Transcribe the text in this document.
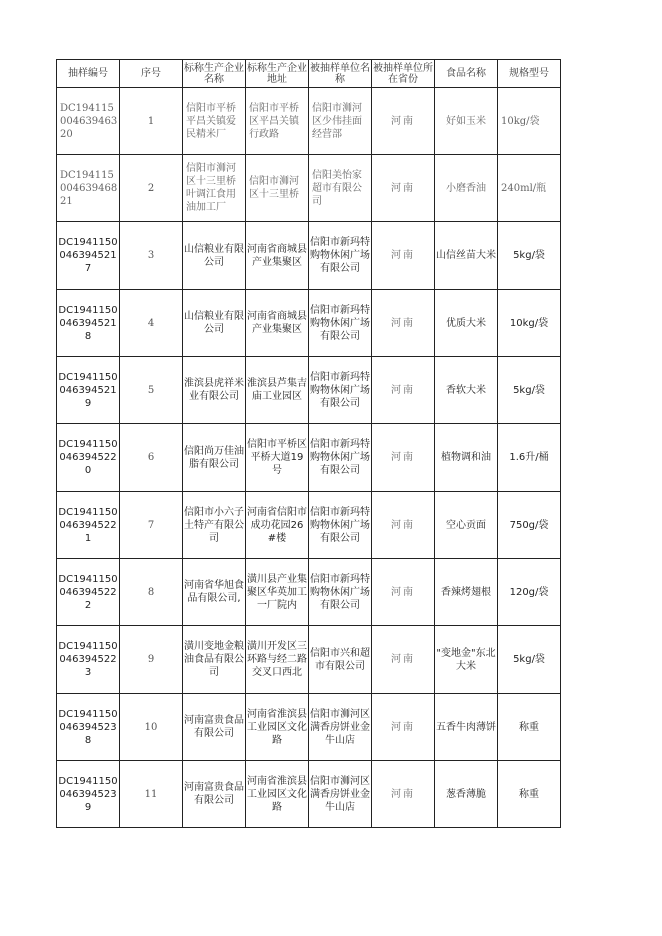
抽样编号	序号	标称生产企业名称	标称生产企业地址	被抽样单位名称	被抽样单位所在省份	食品名称	规格型号
DC194115004639463 20	1	信阳市平桥平昌关镇爱民精米厂	信阳市平桥区平昌关镇行政路	信阳市浉河区少伟挂面经营部	河南	好如玉米	10kg/袋
DC194115004639468 21	2	信阳市浉河区十三里桥叶调江食用油加工厂	信阳市浉河区十三里桥	信阳美怡家超市有限公司	河南	小磨香油	240ml/瓶
DC1941150 0463945217	3	山信粮业有限公司	河南省商城县产业集聚区	信阳市新玛特购物休闲广场有限公司	河南	山信丝苗大米	5kg/袋
DC1941150 0463945218	4	山信粮业有限公司	河南省商城县产业集聚区	信阳市新玛特购物休闲广场有限公司	河南	优质大米	10kg/袋
DC1941150 0463945219	5	淮滨县虎祥米业有限公司	淮滨县芦集吉庙工业园区	信阳市新玛特购物休闲广场有限公司	河南	香软大米	5kg/袋
DC1941150 0463945220	6	信阳尚万佳油脂有限公司	信阳市平桥区平桥大道19号	信阳市新玛特购物休闲广场有限公司	河南	植物调和油	1.6升/桶
DC1941150 0463945221	7	信阳市小六子土特产有限公司	河南省信阳市成功花园26#楼	信阳市新玛特购物休闲广场有限公司	河南	空心贡面	750g/袋
DC1941150 0463945222	8	河南省华旭食品有限公司,	潢川县产业集聚区华英加工一厂院内	信阳市新玛特购物休闲广场有限公司	河南	香辣烤翅根	120g/袋
DC1941150 0463945223	9	潢川变地金粮油食品有限公司	潢川开发区三环路与经二路交叉口西北	信阳市兴和超市有限公司	河南	"变地金"东北大米	5kg/袋
DC1941150 0463945238	10	河南富贵食品有限公司	河南省淮滨县工业园区文化路	信阳市浉河区满香房饼业金牛山店	河南	五香牛肉薄饼	称重
DC1941150 0463945239	11	河南富贵食品有限公司	河南省淮滨县工业园区文化路	信阳市浉河区满香房饼业金牛山店	河南	葱香薄脆	称重
